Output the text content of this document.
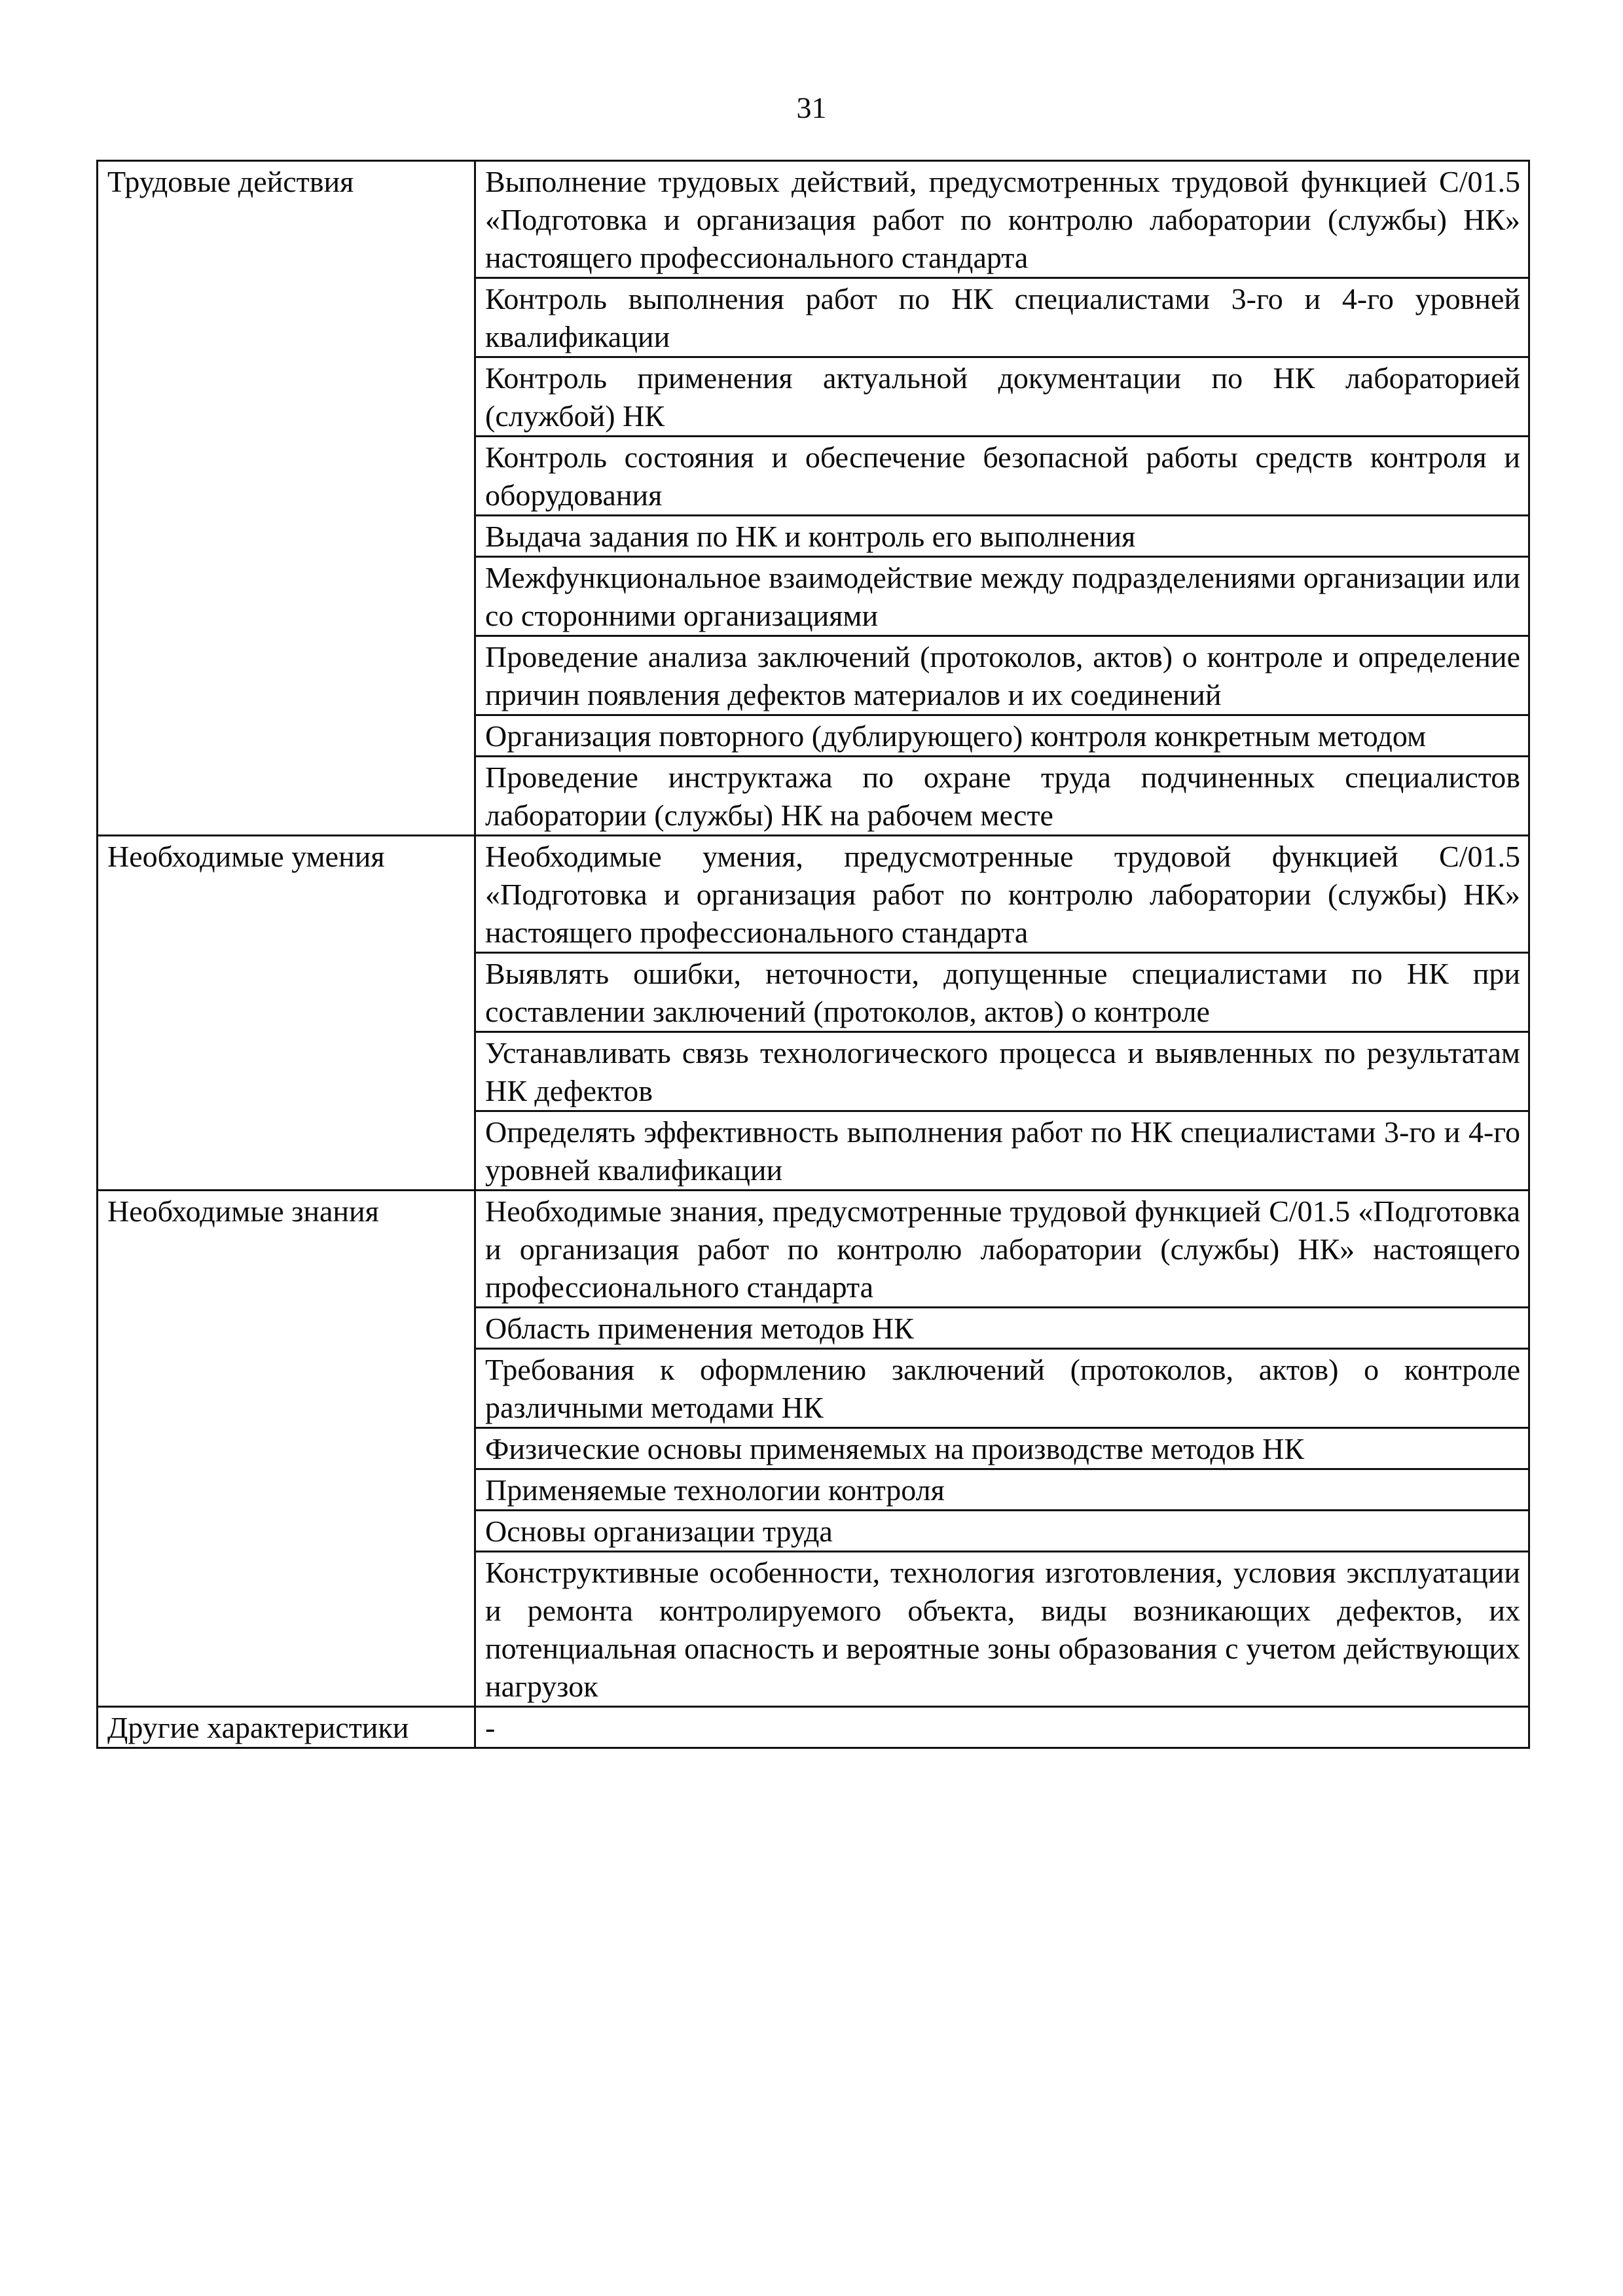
31
Трудовые действия	Выполнение трудовых действий, предусмотренных трудовой функцией С/01.5 «Подготовка и организация работ по контролю лаборатории (службы) НК» настоящего профессионального стандарта
	Контроль выполнения работ по НК специалистами 3-го и 4-го уровней квалификации
	Контроль применения актуальной документации по НК лабораторией (службой) НК
	Контроль состояния и обеспечение безопасной работы средств контроля и оборудования
	Выдача задания по НК и контроль его выполнения
	Межфункциональное взаимодействие между подразделениями организации или со сторонними организациями
	Проведение анализа заключений (протоколов, актов) о контроле и определение причин появления дефектов материалов и их соединений
	Организация повторного (дублирующего) контроля конкретным методом
	Проведение инструктажа по охране труда подчиненных специалистов лаборатории (службы) НК на рабочем месте
Необходимые умения	Необходимые умения, предусмотренные трудовой функцией С/01.5 «Подготовка и организация работ по контролю лаборатории (службы) НК» настоящего профессионального стандарта
	Выявлять ошибки, неточности, допущенные специалистами по НК при составлении заключений (протоколов, актов) о контроле
	Устанавливать связь технологического процесса и выявленных по результатам НК дефектов
	Определять эффективность выполнения работ по НК специалистами 3-го и 4-го уровней квалификации
Необходимые знания	Необходимые знания, предусмотренные трудовой функцией С/01.5 «Подготовка и организация работ по контролю лаборатории (службы) НК» настоящего профессионального стандарта
	Область применения методов НК
	Требования к оформлению заключений (протоколов, актов) о контроле различными методами НК
	Физические основы применяемых на производстве методов НК
	Применяемые технологии контроля
	Основы организации труда
	Конструктивные особенности, технология изготовления, условия эксплуатации и ремонта контролируемого объекта, виды возникающих дефектов, их потенциальная опасность и вероятные зоны образования с учетом действующих нагрузок
Другие характеристики	-
